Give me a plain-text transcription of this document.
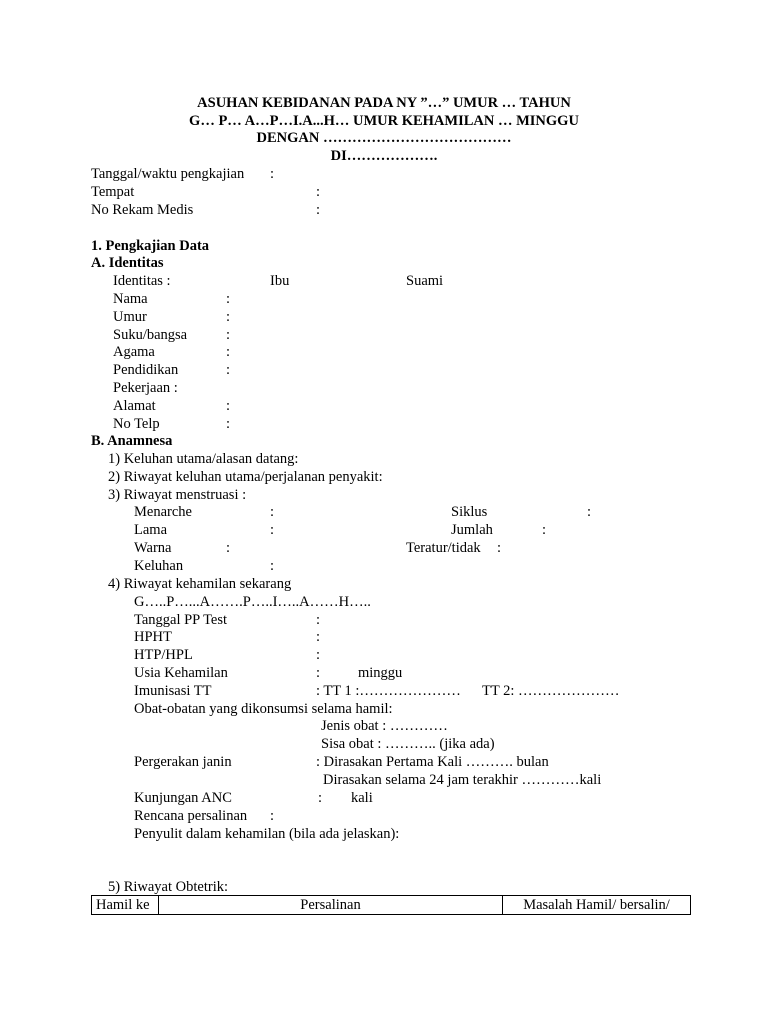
ASUHAN KEBIDANAN PADA NY ”…” UMUR … TAHUN
G… P… A…P…I.A...H… UMUR KEHAMILAN … MINGGU
DENGAN …………………………………
DI……………….
Tanggal/waktu pengkajian :
Tempat	:
No Rekam Medis	:
1. Pengkajian Data
A. Identitas
Identitas :	Ibu	Suami
Nama	:
Umur	:
Suku/bangsa	:
Agama	:
Pendidikan	:
Pekerjaan :
Alamat	:
No Telp	:
B. Anamnesa
1) Keluhan utama/alasan datang:
2) Riwayat keluhan utama/perjalanan penyakit:
3) Riwayat menstruasi :
Menarche	:	Siklus	:
Lama	:	Jumlah	:
Warna	:	Teratur/tidak :
Keluhan	:
4) Riwayat kehamilan sekarang
G…..P…...A…….P…..I…..A……H…..
Tanggal PP Test	:
HPHT	:
HTP/HPL	:
Usia Kehamilan	:	minggu
Imunisasi TT	: TT 1 :………………… TT 2: …………………
Obat-obatan yang dikonsumsi selama hamil:
Jenis obat : …………
Sisa obat : ……….. (jika ada)
Pergerakan janin	: Dirasakan Pertama Kali ………. bulan
Dirasakan selama 24 jam terakhir …………kali
Kunjungan ANC	: kali
Rencana persalinan :
Penyulit dalam kehamilan (bila ada jelaskan):
5) Riwayat Obtetrik:
Hamil ke	Persalinan	Masalah Hamil/ bersalin/
